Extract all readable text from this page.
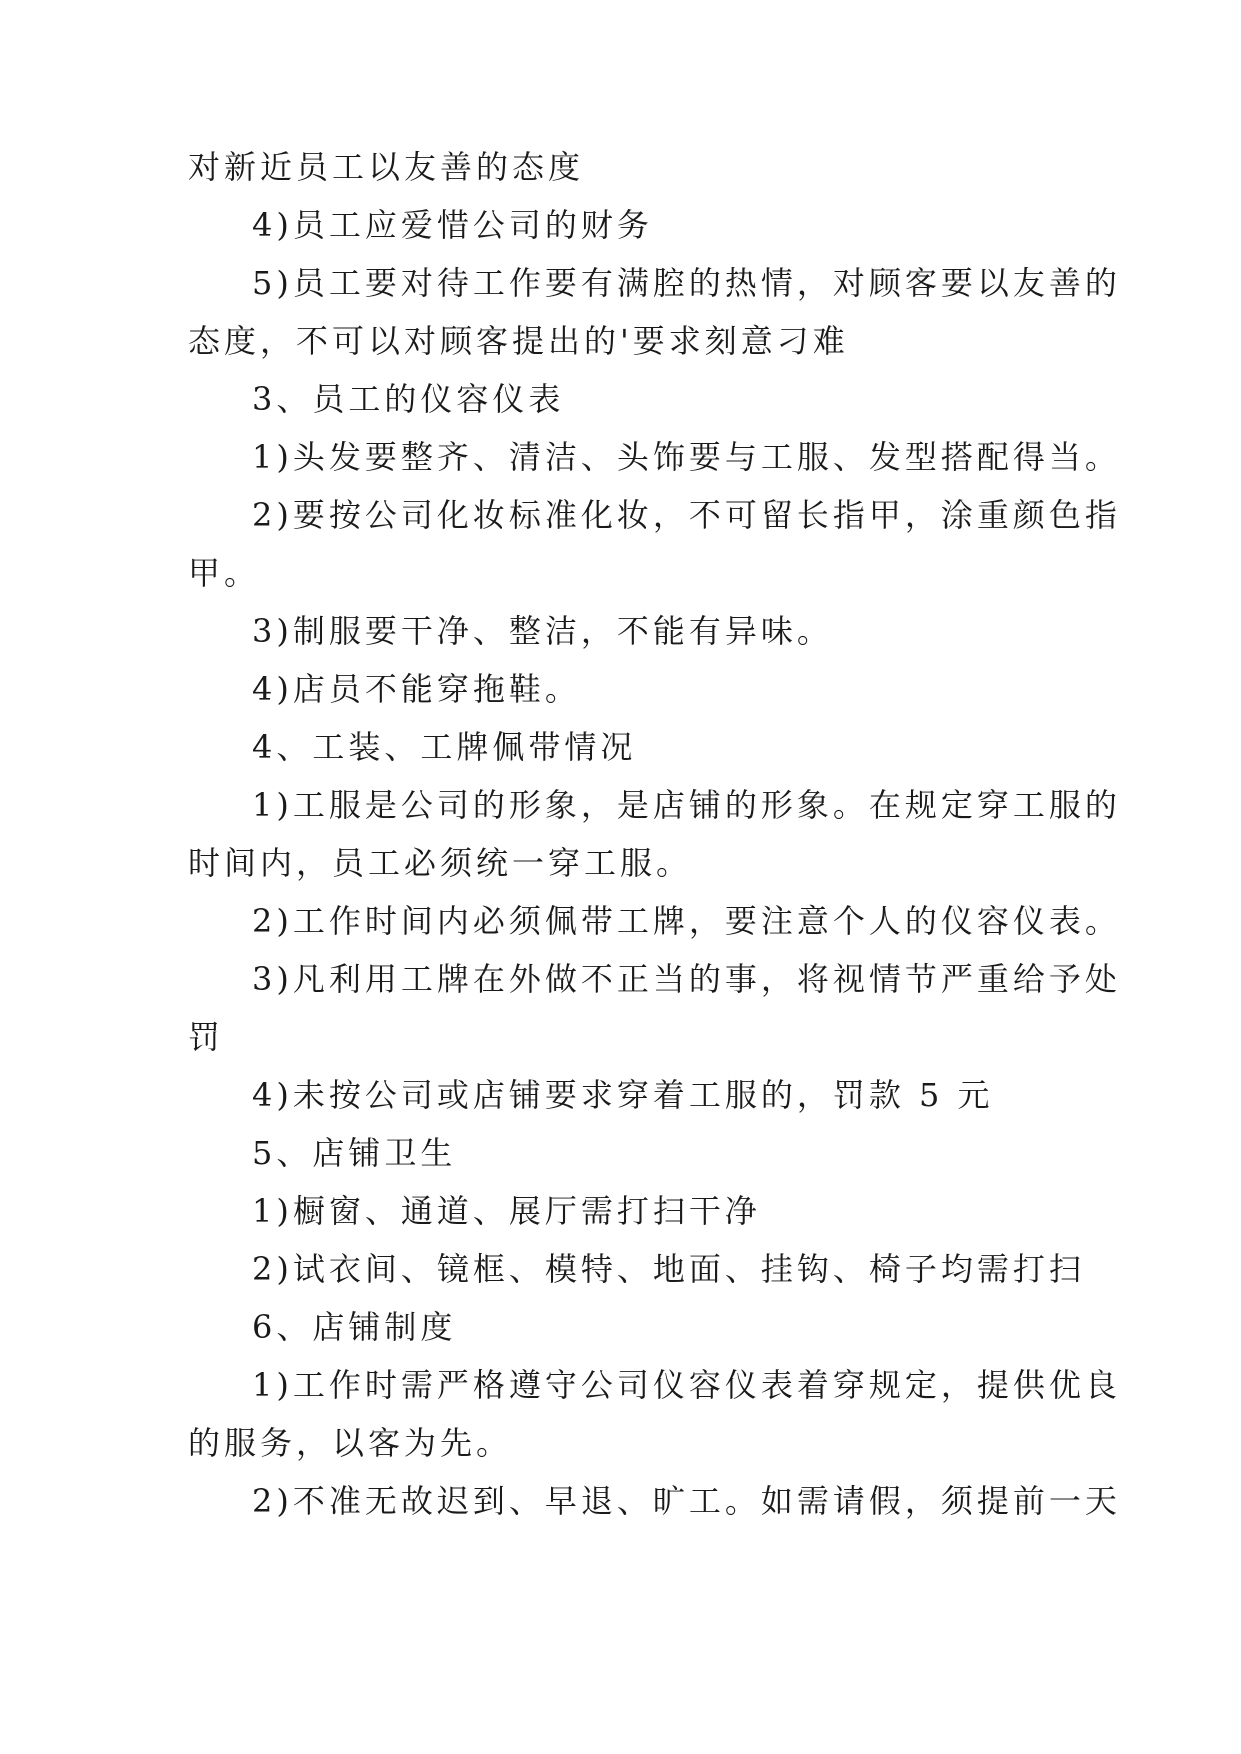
对新近员工以友善的态度
4)员工应爱惜公司的财务
5)员工要对待工作要有满腔的热情，对顾客要以友善的
态度，不可以对顾客提出的'要求刻意刁难
3、员工的仪容仪表
1)头发要整齐、清洁、头饰要与工服、发型搭配得当。
2)要按公司化妆标准化妆，不可留长指甲，涂重颜色指
甲。
3)制服要干净、整洁，不能有异味。
4)店员不能穿拖鞋。
4、工装、工牌佩带情况
1)工服是公司的形象，是店铺的形象。在规定穿工服的
时间内，员工必须统一穿工服。
2)工作时间内必须佩带工牌，要注意个人的仪容仪表。
3)凡利用工牌在外做不正当的事，将视情节严重给予处
罚
4)未按公司或店铺要求穿着工服的，罚款 5 元
5、店铺卫生
1)橱窗、通道、展厅需打扫干净
2)试衣间、镜框、模特、地面、挂钩、椅子均需打扫
6、店铺制度
1)工作时需严格遵守公司仪容仪表着穿规定，提供优良
的服务，以客为先。
2)不准无故迟到、早退、旷工。如需请假，须提前一天
